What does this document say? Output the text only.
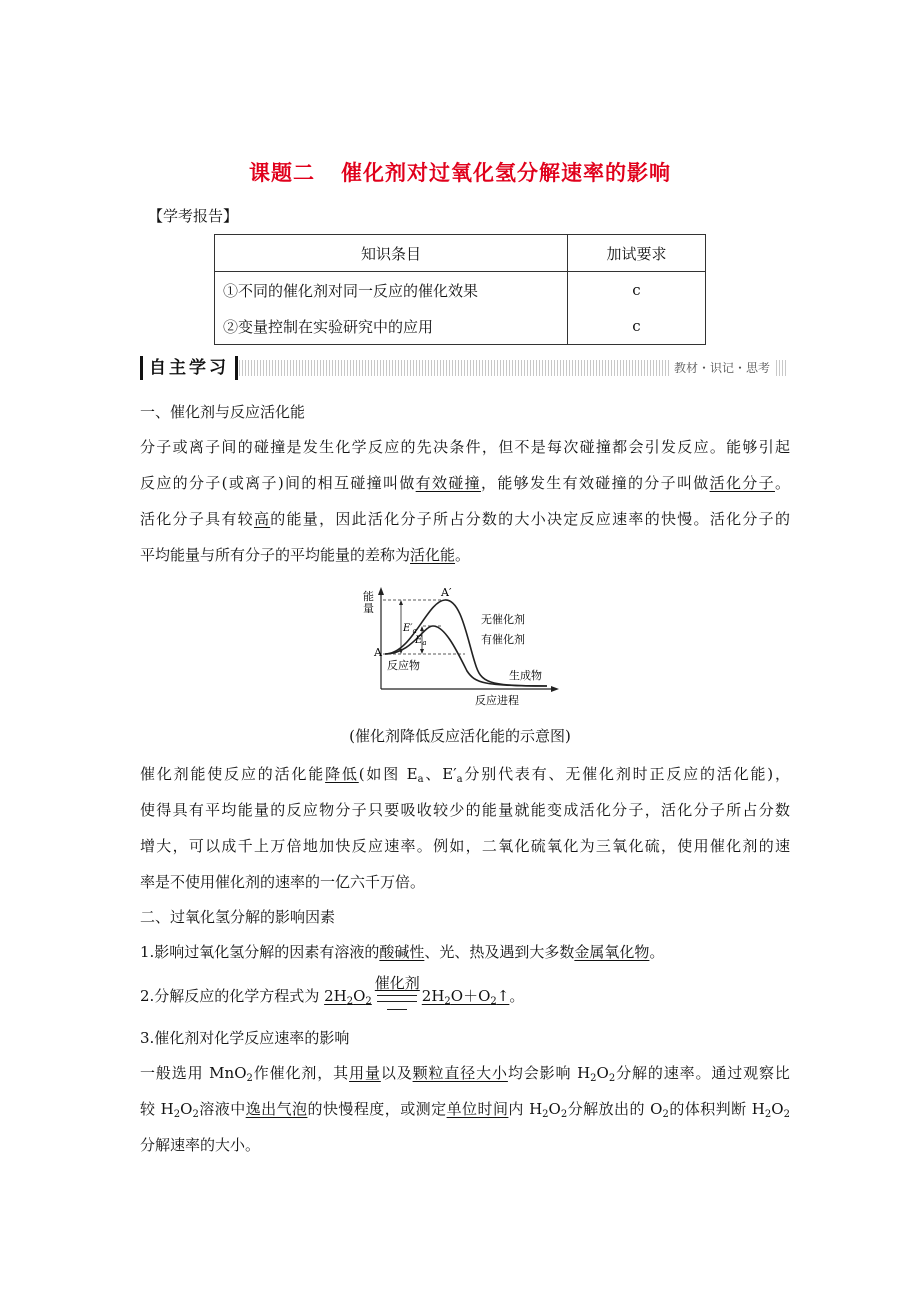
课题二 催化剂对过氧化氢分解速率的影响
【学考报告】
知识条目	加试要求
①不同的催化剂对同一反应的催化效果	c
②变量控制在实验研究中的应用	c
自主学习	教材・识记・思考
一、催化剂与反应活化能
分子或离子间的碰撞是发生化学反应的先决条件，但不是每次碰撞都会引发反应。能够引起
反应的分子(或离子)间的相互碰撞叫做有效碰撞，能够发生有效碰撞的分子叫做活化分子。
活化分子具有较高的能量，因此活化分子所占分数的大小决定反应速率的快慢。活化分子的
平均能量与所有分子的平均能量的差称为活化能。
能
量
反应进程
A′
A
$E'_a$
$E_a$
无催化剂
有催化剂
反应物
生成物
(催化剂降低反应活化能的示意图)
催化剂能使反应的活化能降低(如图 $E_a$、$E'_a$分别代表有、无催化剂时正反应的活化能)，
使得具有平均能量的反应物分子只要吸收较少的能量就能变成活化分子，活化分子所占分数
增大，可以成千上万倍地加快反应速率。例如，二氧化硫氧化为三氧化硫，使用催化剂的速
率是不使用催化剂的速率的一亿六千万倍。
二、过氧化氢分解的影响因素
1.影响过氧化氢分解的因素有溶液的酸碱性、光、热及遇到大多数金属氧化物。
2.分解反应的化学方程式为 $2H_2O_2$
催化剂
$2H_2O+O_2↑$。
3.催化剂对化学反应速率的影响
一般选用 MnO$_2$作催化剂，其用量以及颗粒直径大小均会影响 $H_2O_2$分解的速率。通过观察比
较 $H_2O_2$溶液中逸出气泡的快慢程度，或测定单位时间内 $H_2O_2$分解放出的 $O_2$的体积判断 $H_2O_2$
分解速率的大小。
